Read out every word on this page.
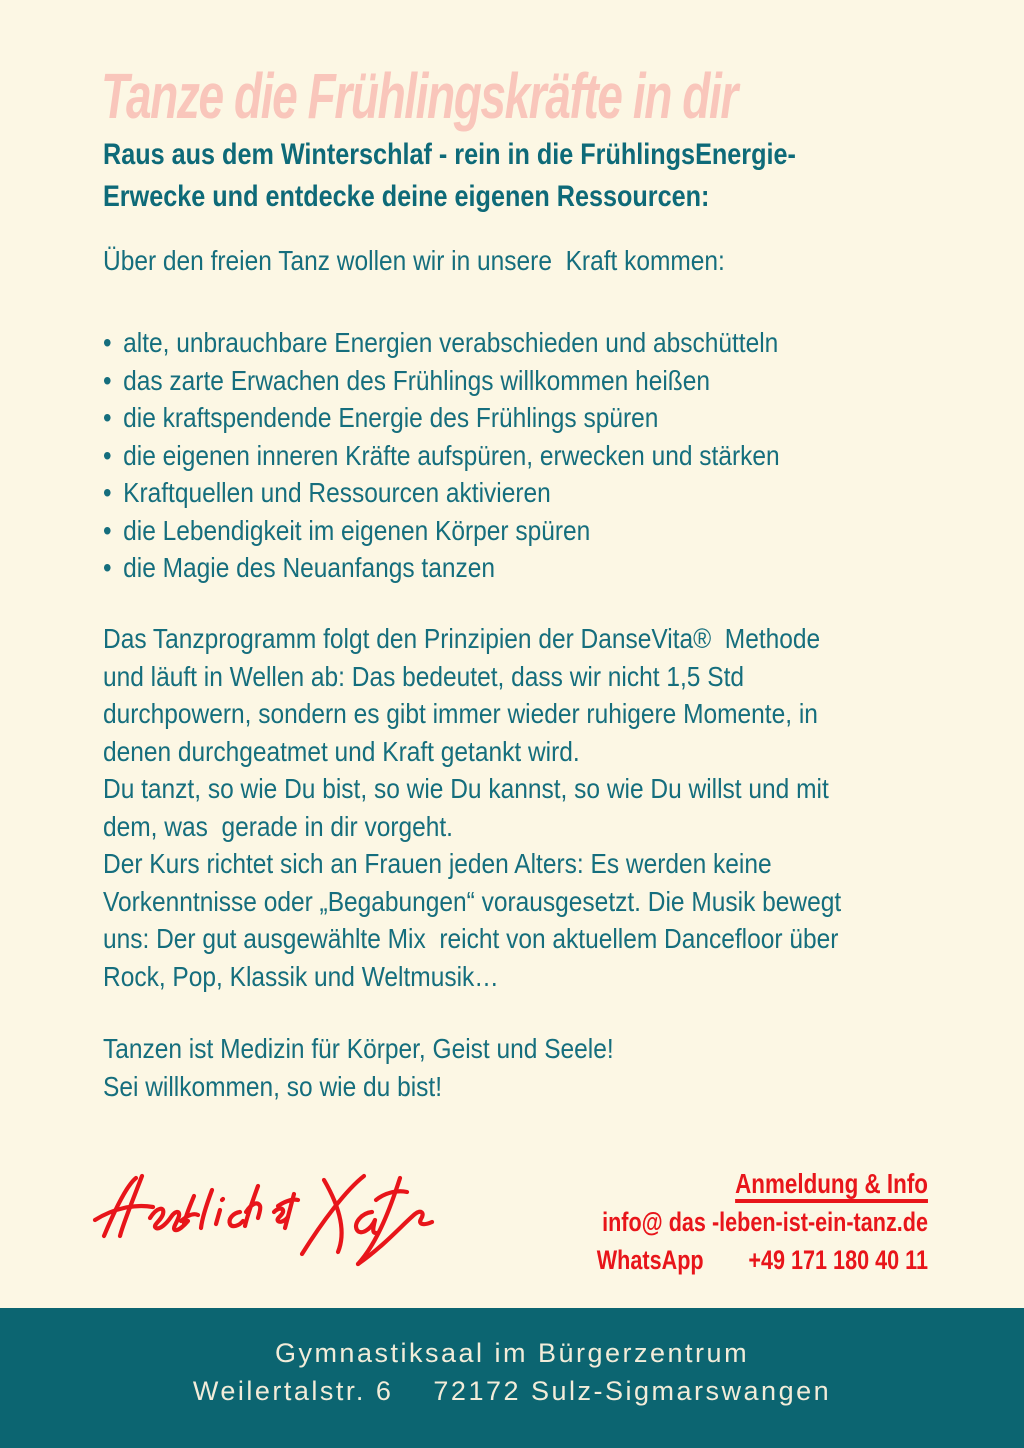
Tanze die Frühlingskräfte in dir
Raus aus dem Winterschlaf - rein in die FrühlingsEnergie-
Erwecke und entdecke deine eigenen Ressourcen:
Über den freien Tanz wollen wir in unsere  Kraft kommen:
• alte, unbrauchbare Energien verabschieden und abschütteln
• das zarte Erwachen des Frühlings willkommen heißen
• die kraftspendende Energie des Frühlings spüren
• die eigenen inneren Kräfte aufspüren, erwecken und stärken
• Kraftquellen und Ressourcen aktivieren
• die Lebendigkeit im eigenen Körper spüren
• die Magie des Neuanfangs tanzen
Das Tanzprogramm folgt den Prinzipien der DanseVita®  Methode
und läuft in Wellen ab: Das bedeutet, dass wir nicht 1,5 Std
durchpowern, sondern es gibt immer wieder ruhigere Momente, in
denen durchgeatmet und Kraft getankt wird.
Du tanzt, so wie Du bist, so wie Du kannst, so wie Du willst und mit
dem, was  gerade in dir vorgeht.
Der Kurs richtet sich an Frauen jeden Alters: Es werden keine
Vorkenntnisse oder „Begabungen“ vorausgesetzt. Die Musik bewegt
uns: Der gut ausgewählte Mix  reicht von aktuellem Dancefloor über
Rock, Pop, Klassik und Weltmusik…
Tanzen ist Medizin für Körper, Geist und Seele!
Sei willkommen, so wie du bist!
Anmeldung & Info
info@ das -leben-ist-ein-tanz.de
WhatsApp +49 171 180 40 11
Gymnastiksaal im Bürgerzentrum
Weilertalstr. 6    72172 Sulz-Sigmarswangen
